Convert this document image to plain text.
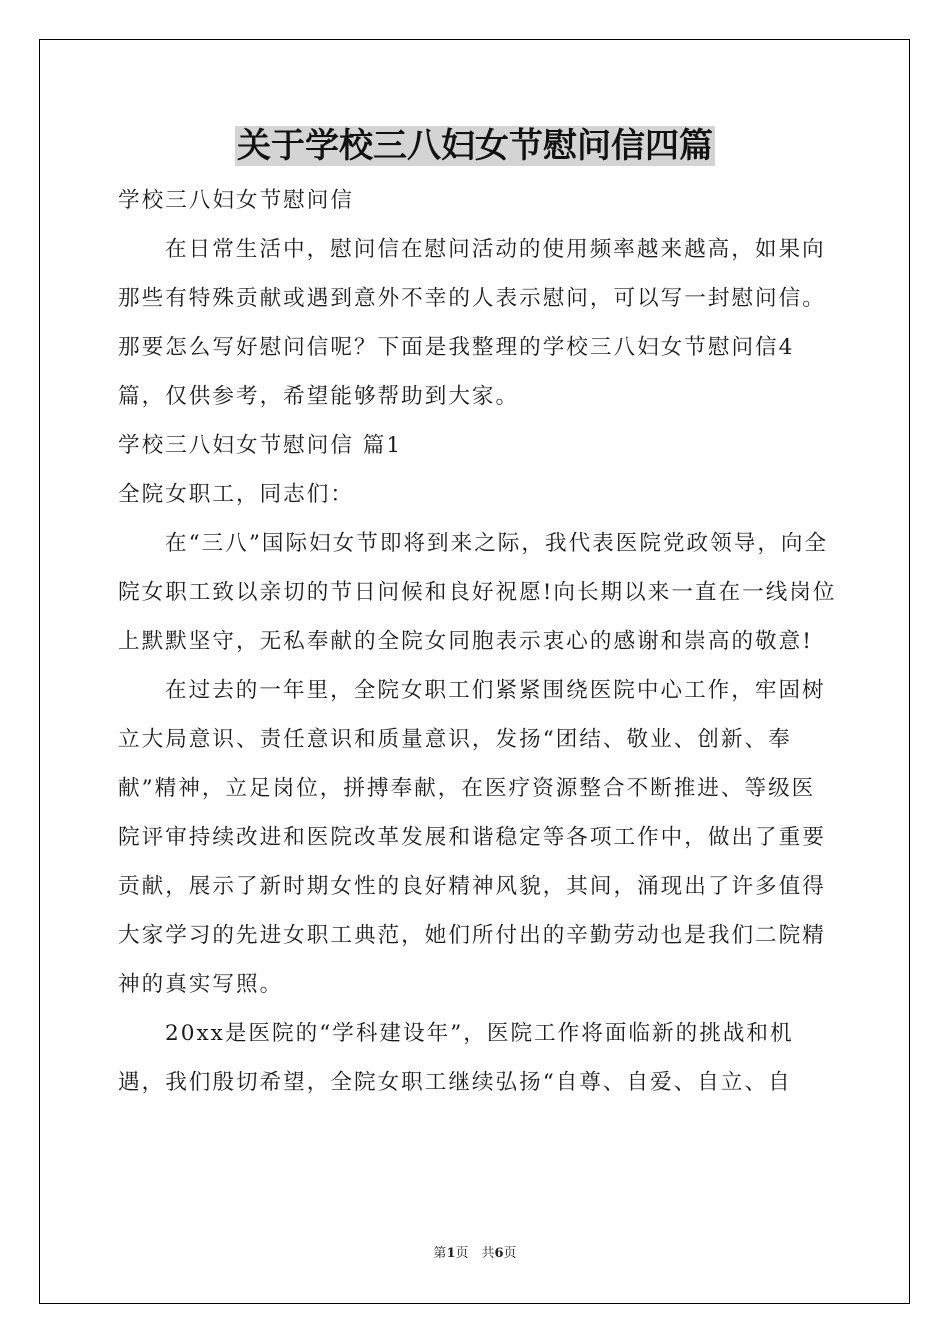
关于学校三八妇女节慰问信四篇

学校三八妇女节慰问信

在日常生活中，慰问信在慰问活动的使用频率越来越高，如果向那些有特殊贡献或遇到意外不幸的人表示慰问，可以写一封慰问信。那要怎么写好慰问信呢？下面是我整理的学校三八妇女节慰问信4篇，仅供参考，希望能够帮助到大家。

学校三八妇女节慰问信 篇1

全院女职工，同志们：

在“三八”国际妇女节即将到来之际，我代表医院党政领导，向全院女职工致以亲切的节日问候和良好祝愿!向长期以来一直在一线岗位上默默坚守，无私奉献的全院女同胞表示衷心的感谢和崇高的敬意!

在过去的一年里，全院女职工们紧紧围绕医院中心工作，牢固树立大局意识、责任意识和质量意识，发扬“团结、敬业、创新、奉献”精神，立足岗位，拼搏奉献，在医疗资源整合不断推进、等级医院评审持续改进和医院改革发展和谐稳定等各项工作中，做出了重要贡献，展示了新时期女性的良好精神风貌，其间，涌现出了许多值得大家学习的先进女职工典范，她们所付出的辛勤劳动也是我们二院精神的真实写照。

20xx是医院的“学科建设年”，医院工作将面临新的挑战和机遇，我们殷切希望，全院女职工继续弘扬“自尊、自爱、自立、自

第1页　共6页
